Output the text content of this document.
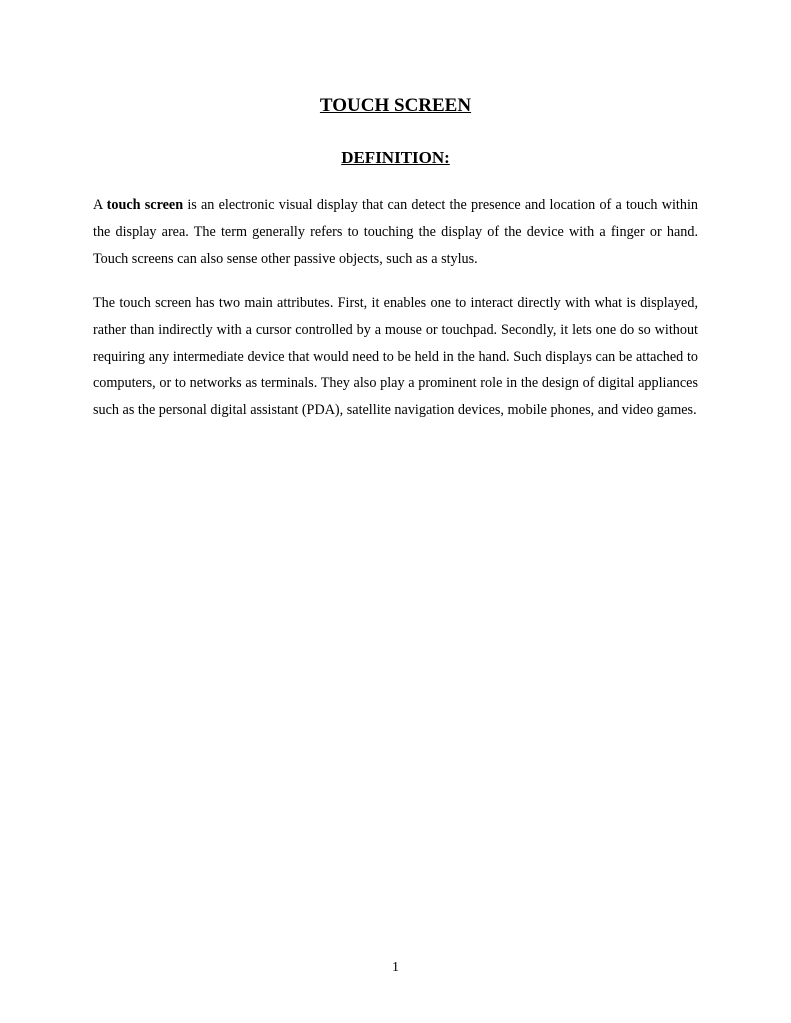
TOUCH SCREEN
DEFINITION:

A touch screen is an electronic visual display that can detect the presence and location of a touch within the display area. The term generally refers to touching the display of the device with a finger or hand. Touch screens can also sense other passive objects, such as a stylus.

The touch screen has two main attributes. First, it enables one to interact directly with what is displayed, rather than indirectly with a cursor controlled by a mouse or touchpad. Secondly, it lets one do so without requiring any intermediate device that would need to be held in the hand. Such displays can be attached to computers, or to networks as terminals. They also play a prominent role in the design of digital appliances such as the personal digital assistant (PDA), satellite navigation devices, mobile phones, and video games.

1
